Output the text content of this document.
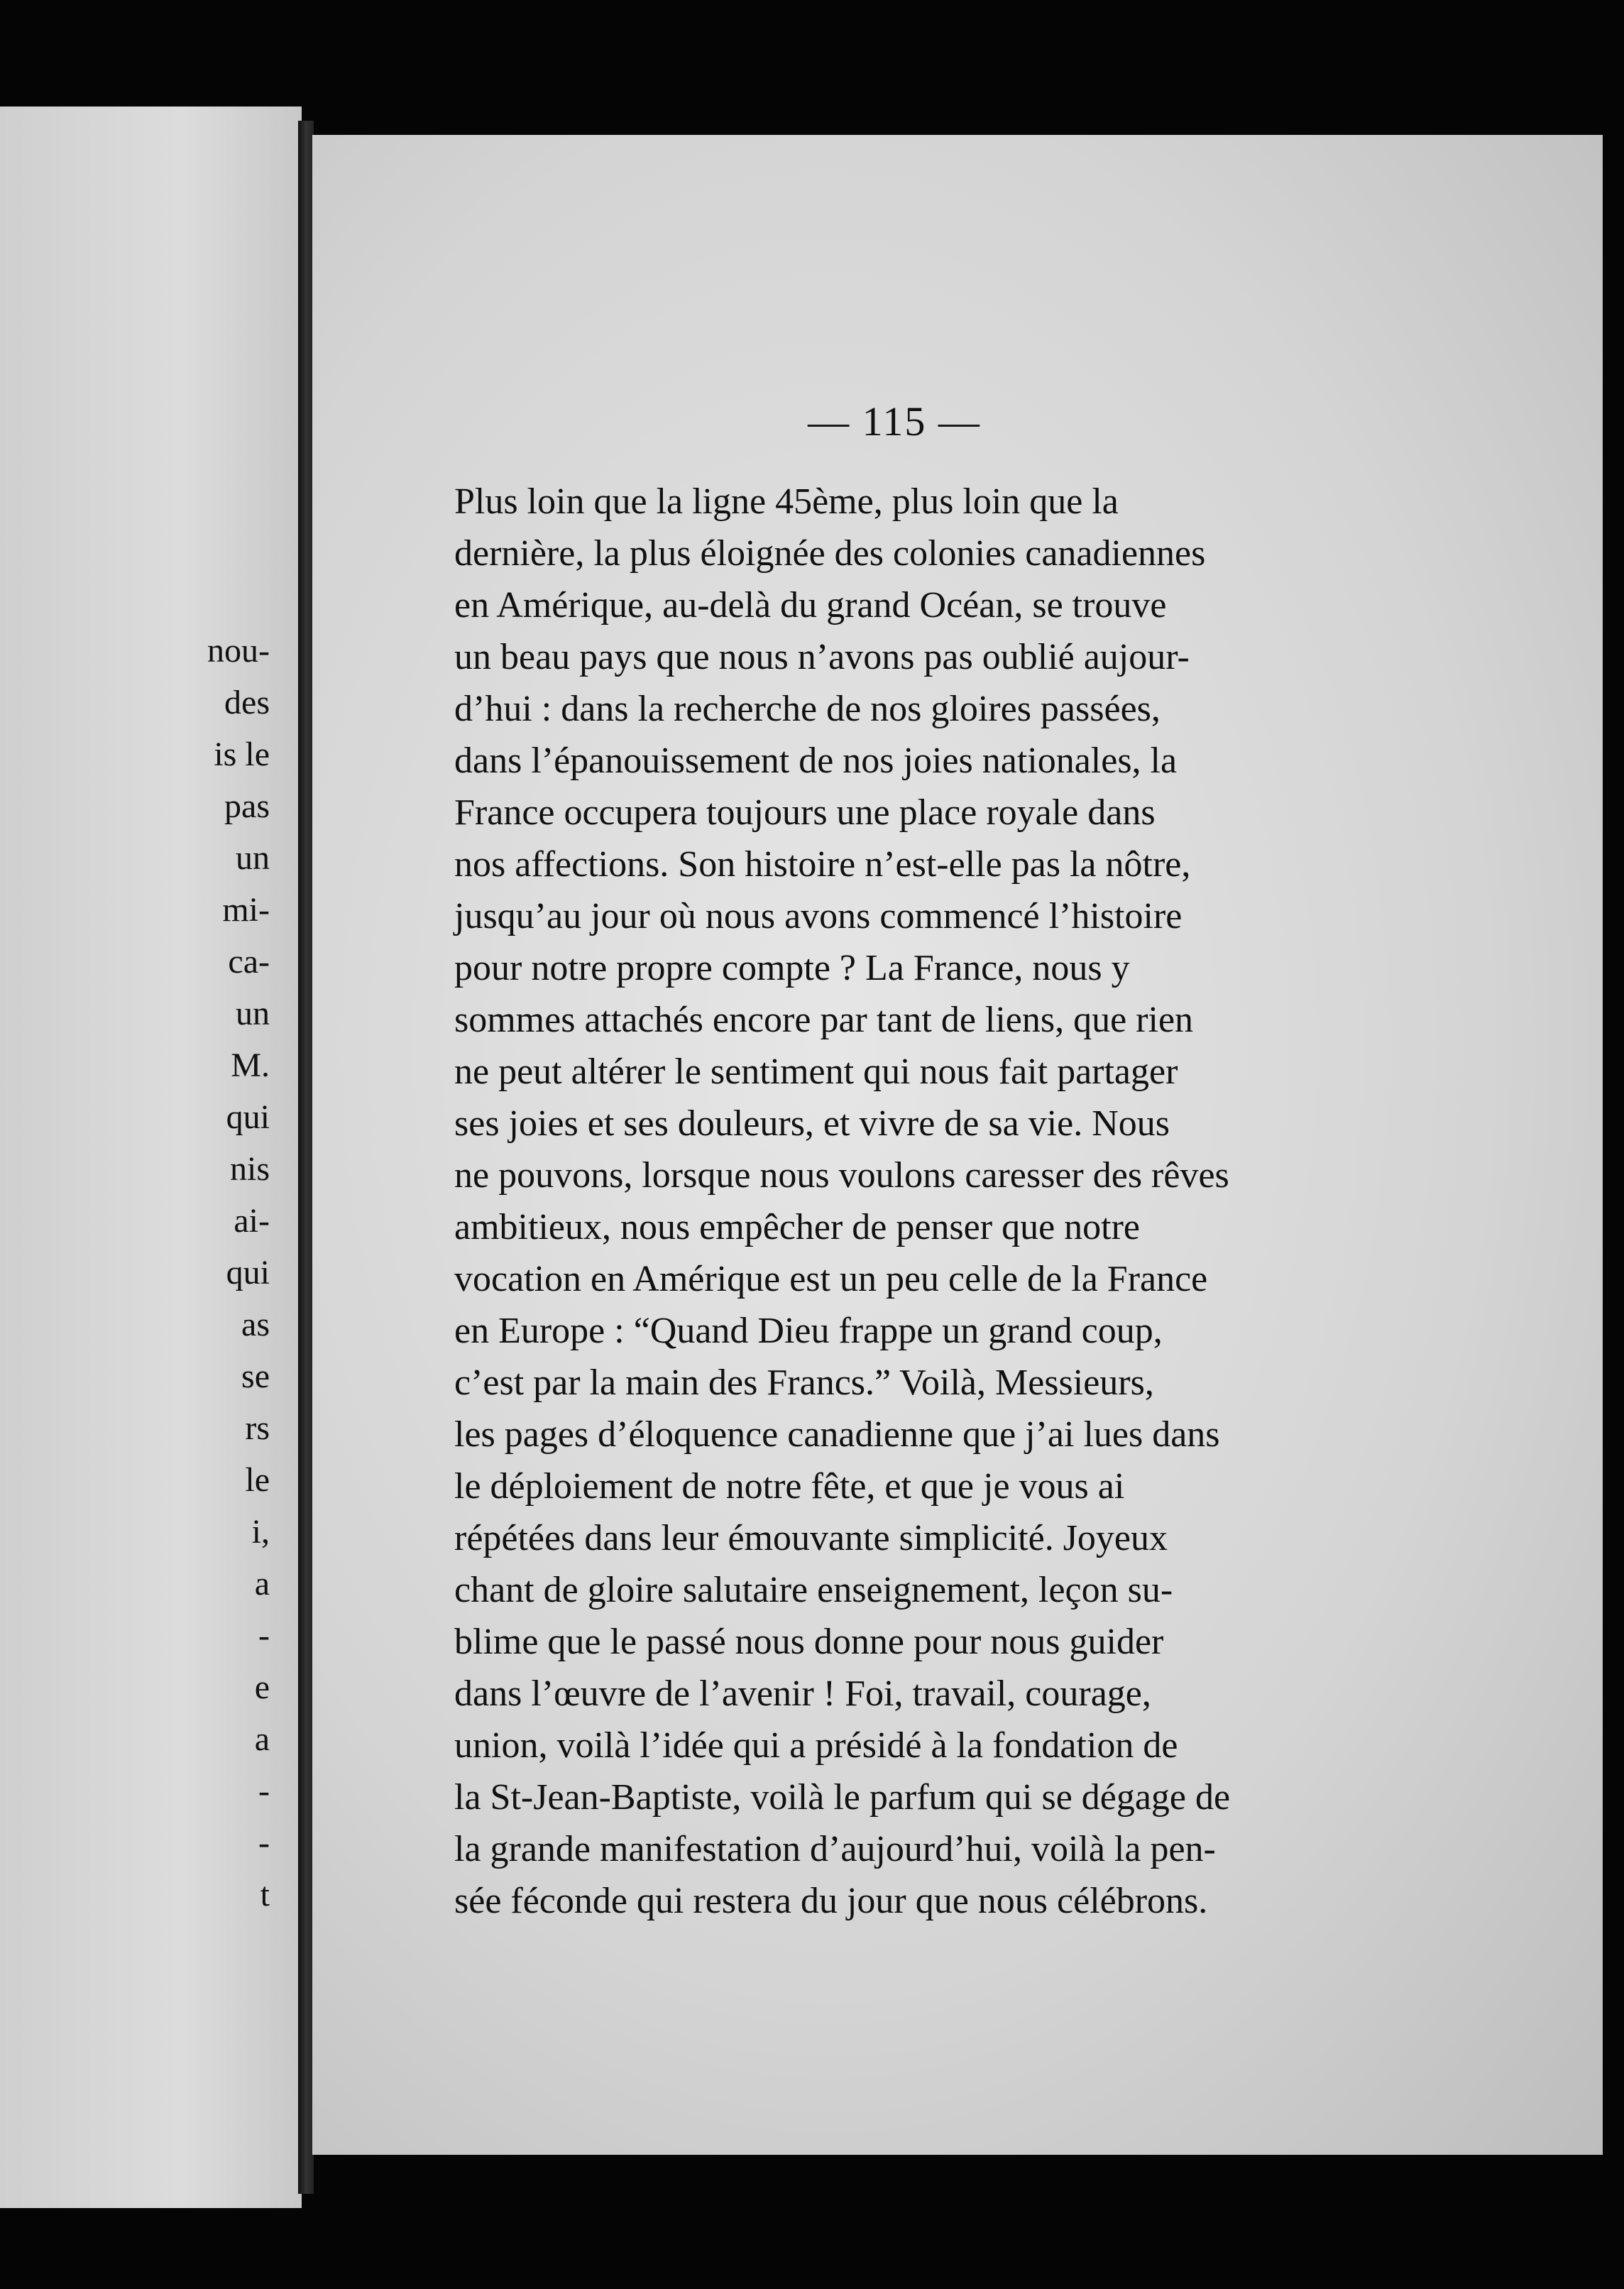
nou-
des
is le
pas
un
mi-
ca-
un
M.
qui
nis
ai-
qui
as
se
rs
le
i,
a
-
e
a
-
-
t
— 115 —
Plus loin que la ligne 45ème, plus loin que la
dernière, la plus éloignée des colonies canadiennes
en Amérique, au-delà du grand Océan, se trouve
un beau pays que nous n’avons pas oublié aujour-
d’hui : dans la recherche de nos gloires passées,
dans l’épanouissement de nos joies nationales, la
France occupera toujours une place royale dans
nos affections. Son histoire n’est-elle pas la nôtre,
jusqu’au jour où nous avons commencé l’histoire
pour notre propre compte ? La France, nous y
sommes attachés encore par tant de liens, que rien
ne peut altérer le sentiment qui nous fait partager
ses joies et ses douleurs, et vivre de sa vie. Nous
ne pouvons, lorsque nous voulons caresser des rêves
ambitieux, nous empêcher de penser que notre
vocation en Amérique est un peu celle de la France
en Europe : “Quand Dieu frappe un grand coup,
c’est par la main des Francs.” Voilà, Messieurs,
les pages d’éloquence canadienne que j’ai lues dans
le déploiement de notre fête, et que je vous ai
répétées dans leur émouvante simplicité. Joyeux
chant de gloire salutaire enseignement, leçon su-
blime que le passé nous donne pour nous guider
dans l’œuvre de l’avenir ! Foi, travail, courage,
union, voilà l’idée qui a présidé à la fondation de
la St-Jean-Baptiste, voilà le parfum qui se dégage de
la grande manifestation d’aujourd’hui, voilà la pen-
sée féconde qui restera du jour que nous célébrons.
